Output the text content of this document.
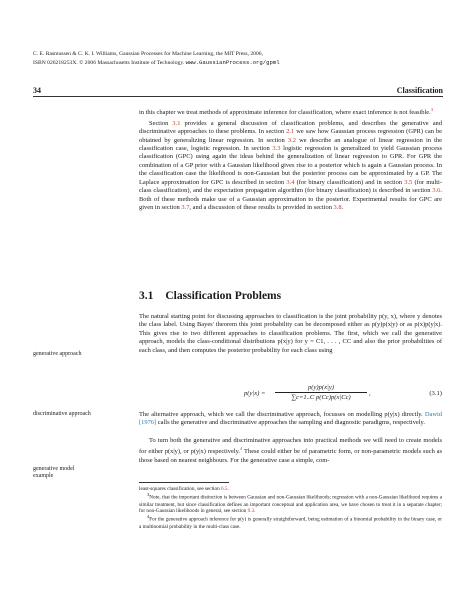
C. E. Rasmussen & C. K. I. Williams, Gaussian Processes for Machine Learning, the MIT Press, 2006,
ISBN 026218253X. © 2006 Massachusetts Institute of Technology. www.GaussianProcess.org/gpml
34	Classification

in this chapter we treat methods of approximate inference for classification, where exact inference is not feasible.$^3$

Section 3.1 provides a general discussion of classification problems, and describes the generative and discriminative approaches to these problems. In section 2.1 we saw how Gaussian process regression (GPR) can be obtained by generalizing linear regression. In section 3.2 we describe an analogue of linear regression in the classification case, logistic regression. In section 3.3 logistic regression is generalized to yield Gaussian process classification (GPC) using again the ideas behind the generalization of linear regression to GPR. For GPR the combination of a GP prior with a Gaussian likelihood gives rise to a posterior which is again a Gaussian process. In the classification case the likelihood is non-Gaussian but the posterior process can be approximated by a GP. The Laplace approximation for GPC is described in section 3.4 (for binary classification) and in section 3.5 (for multi-class classification), and the expectation propagation algorithm (for binary classification) is described in section 3.6. Both of these methods make use of a Gaussian approximation to the posterior. Experimental results for GPC are given in section 3.7, and a discussion of these results is provided in section 3.8.

3.1 Classification Problems
The natural starting point for discussing approaches to classification is the joint probability p(y, x), where y denotes the class label. Using Bayes' theorem this joint probability can be decomposed either as p(y)p(x|y) or as p(x)p(y|x). This gives rise to two different approaches to classification problems. The first, which we call the generative approach, models the class-conditional distributions p(x|y) for y = C1, . . . , CC and also the prior probabilities of each class, and then computes the posterior probability for each class using
p(y|x) =
p(y)p(x|y)
∑c=1..C p(Cc)p(x|Cc)
,	(3.1)
The alternative approach, which we call the discriminative approach, focusses on modelling p(y|x) directly. Dawid [1976] calls the generative and discriminative approaches the sampling and diagnostic paradigms, respectively.
To turn both the generative and discriminative approaches into practical methods we will need to create models for either p(x|y), or p(y|x) respectively.$^4$ These could either be of parametric form, or non-parametric models such as those based on nearest neighbours. For the generative case a simple, com-
generative approach
discriminative approach
generative model example

least-squares classification, see section 6.5.

$^3$Note, that the important distinction is between Gaussian and non-Gaussian likelihoods; regression with a non-Gaussian likelihood requires a similar treatment, but since classification defines an important conceptual and application area, we have chosen to treat it in a separate chapter; for non-Gaussian likelihoods in general, see section 9.3.

$^4$For the generative approach inference for p(y) is generally straightforward, being estimation of a binomial probability in the binary case, or a multinomial probability in the multi-class case.
